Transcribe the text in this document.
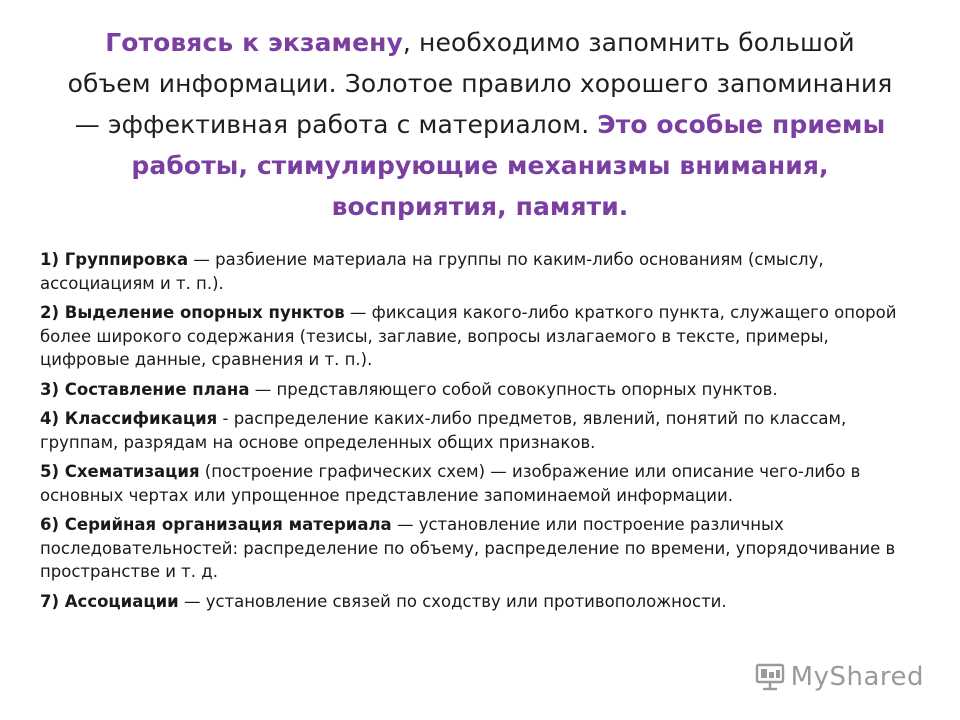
Готовясь к экзамену, необходимо запомнить большой объем информации. Золотое правило хорошего запоминания — эффективная работа с материалом. Это особые приемы работы, стимулирующие механизмы внимания, восприятия, памяти.
1) Группировка — разбиение материала на группы по каким-либо основаниям (смыслу, ассоциациям и т. п.).
2) Выделение опорных пунктов — фиксация какого-либо краткого пункта, служащего опорой более широкого содержания (тезисы, заглавие, вопросы излагаемого в тексте, примеры, цифровые данные, сравнения и т. п.).
3) Составление плана — представляющего собой совокупность опорных пунктов.
4) Классификация - распределение каких-либо предметов, явлений, понятий по классам, группам, разрядам на основе определенных общих признаков.
5) Схематизация (построение графических схем) — изображение или описание чего-либо в основных чертах или упрощенное представление запоминаемой информации.
6) Серийная организация материала — установление или построение различных последовательностей: распределение по объему, распределение по времени, упорядочивание в пространстве и т. д.
7) Ассоциации — установление связей по сходству или противоположности.
MyShared
